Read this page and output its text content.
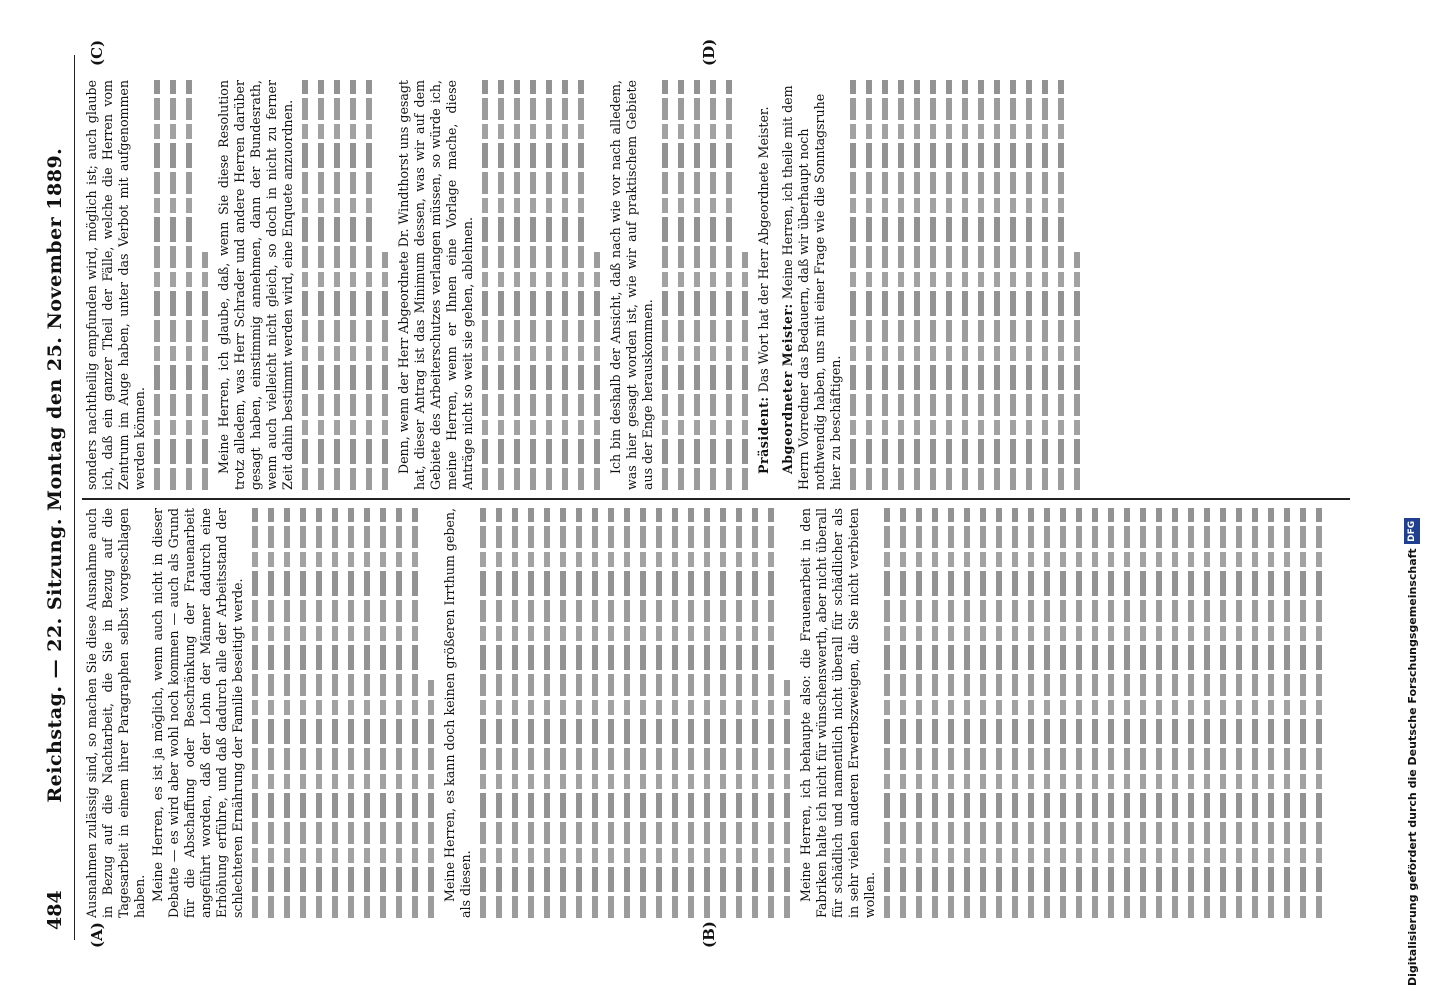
484
Reichstag. — 22. Sitzung. Montag den 25. November 1889.
(A)	(B)
(C)	(D)

Ausnahmen zulässig sind, so machen Sie diese Ausnahme auch in Bezug auf die Nachtarbeit, die Sie in Bezug auf die Tagesarbeit in einem ihrer Paragraphen selbst vorgeschlagen haben. Meine Herren, es ist ja möglich, wenn auch nicht in dieser Debatte — es wird aber wohl noch kommen — auch als Grund für die Abschaffung oder Beschränkung der Frauenarbeit angeführt worden, daß der Lohn der Männer dadurch eine Erhöhung erführe, und daß dadurch alle der Arbeitsstand der schlechteren Ernährung der Familie beseitigt werde.	Meine Herren, es kann doch keinen größeren Irrthum geben, als diesen.	Meine Herren, ich behaupte also: die Frauenarbeit in den Fabriken halte ich nicht für wünschenswerth, aber nicht überall für schädlich und namentlich nicht überall für schädlicher als in sehr vielen anderen Erwerbszweigen, die Sie nicht verbieten wollen.

sonders nachtheilig empfunden wird, möglich ist; auch glaube ich, daß ein ganzer Theil der Fälle, welche die Herren vom Zentrum im Auge haben, unter das Verbot mit aufgenommen werden können.	Meine Herren, ich glaube, daß, wenn Sie diese Resolution trotz alledem, was Herr Schrader und andere Herren darüber gesagt haben, einstimmig annehmen, dann der Bundesrath, wenn auch vielleicht nicht gleich, so doch in nicht zu ferner Zeit dahin bestimmt werden wird, eine Enquete anzuordnen.	Denn, wenn der Herr Abgeordnete Dr. Windthorst uns gesagt hat, dieser Antrag ist das Minimum dessen, was wir auf dem Gebiete des Arbeiterschutzes verlangen müssen, so würde ich, meine Herren, wenn er Ihnen eine Vorlage mache, diese Anträge nicht so weit sie gehen, ablehnen.	Ich bin deshalb der Ansicht, daß nach wie vor nach alledem, was hier gesagt worden ist, wie wir auf praktischem Gebiete aus der Enge herauskommen.	Präsident: Das Wort hat der Herr Abgeordnete Meister. Abgeordneter Meister: Meine Herren, ich theile mit dem Herrn Vorredner das Bedauern, daß wir überhaupt noch nothwendig haben, uns mit einer Frage wie die Sonntagsruhe hier zu beschäftigen.

Digitalisierung gefördert durch die Deutsche Forschungsgemeinschaft
DFG
